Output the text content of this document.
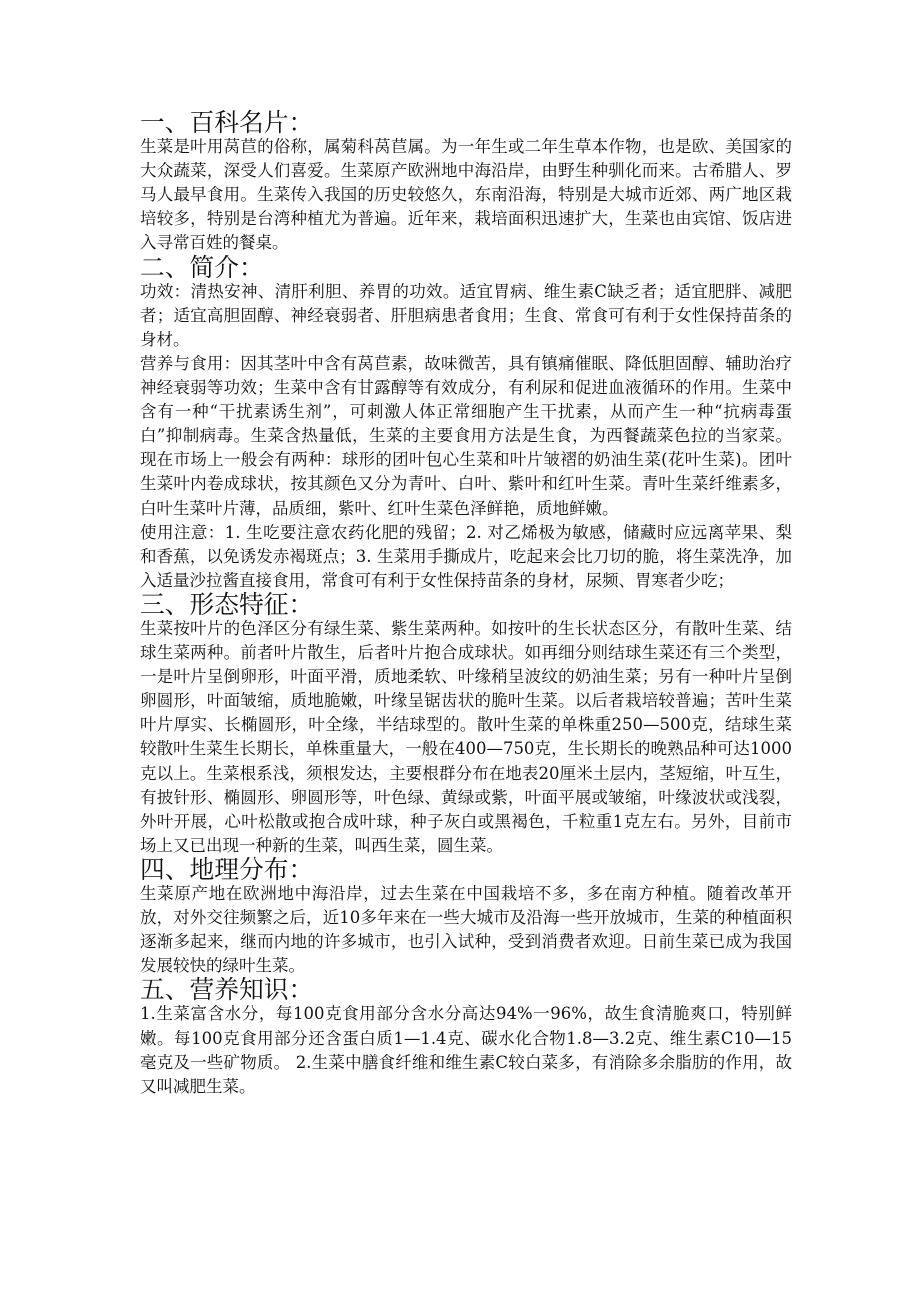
一、百科名片：

生菜是叶用莴苣的俗称，属菊科莴苣属。为一年生或二年生草本作物，也是欧、美国家的大众蔬菜，深受人们喜爱。生菜原产欧洲地中海沿岸，由野生种驯化而来。古希腊人、罗马人最早食用。生菜传入我国的历史较悠久，东南沿海，特别是大城市近郊、两广地区栽培较多，特别是台湾种植尤为普遍。近年来，栽培面积迅速扩大，生菜也由宾馆、饭店进入寻常百姓的餐桌。

二、简介：

功效：清热安神、清肝利胆、养胃的功效。适宜胃病、维生素C缺乏者；适宜肥胖、减肥者；适宜高胆固醇、神经衰弱者、肝胆病患者食用；生食、常食可有利于女性保持苗条的身材。

营养与食用：因其茎叶中含有莴苣素，故味微苦，具有镇痛催眠、降低胆固醇、辅助治疗神经衰弱等功效；生菜中含有甘露醇等有效成分，有利尿和促进血液循环的作用。生菜中含有一种“干扰素诱生剂”，可刺激人体正常细胞产生干扰素，从而产生一种“抗病毒蛋白”抑制病毒。生菜含热量低，生菜的主要食用方法是生食，为西餐蔬菜色拉的当家菜。 现在市场上一般会有两种：球形的团叶包心生菜和叶片皱褶的奶油生菜(花叶生菜)。团叶生菜叶内卷成球状，按其颜色又分为青叶、白叶、紫叶和红叶生菜。青叶生菜纤维素多，白叶生菜叶片薄，品质细，紫叶、红叶生菜色泽鲜艳，质地鲜嫩。

使用注意：1. 生吃要注意农药化肥的残留；2. 对乙烯极为敏感，储藏时应远离苹果、梨和香蕉，以免诱发赤褐斑点；3. 生菜用手撕成片，吃起来会比刀切的脆，将生菜洗净，加入适量沙拉酱直接食用，常食可有利于女性保持苗条的身材，尿频、胃寒者少吃；

三、形态特征：

生菜按叶片的色泽区分有绿生菜、紫生菜两种。如按叶的生长状态区分，有散叶生菜、结球生菜两种。前者叶片散生，后者叶片抱合成球状。如再细分则结球生菜还有三个类型，一是叶片呈倒卵形，叶面平滑，质地柔软、叶缘稍呈波纹的奶油生菜；另有一种叶片呈倒卵圆形，叶面皱缩，质地脆嫩，叶缘呈锯齿状的脆叶生菜。以后者栽培较普遍；苦叶生菜叶片厚实、长椭圆形，叶全缘，半结球型的。散叶生菜的单株重250—500克，结球生菜较散叶生菜生长期长，单株重量大，一般在400—750克，生长期长的晚熟品种可达1000克以上。生菜根系浅，须根发达，主要根群分布在地表20厘米土层内，茎短缩，叶互生，有披针形、椭圆形、卵圆形等，叶色绿、黄绿或紫，叶面平展或皱缩，叶缘波状或浅裂，外叶开展，心叶松散或抱合成叶球，种子灰白或黑褐色，千粒重1克左右。另外，目前市场上又已出现一种新的生菜，叫西生菜，圆生菜。

四、地理分布：

生菜原产地在欧洲地中海沿岸，过去生菜在中国栽培不多，多在南方种植。随着改革开放，对外交往频繁之后，近10多年来在一些大城市及沿海一些开放城市，生菜的种植面积逐渐多起来，继而内地的许多城市，也引入试种，受到消费者欢迎。日前生菜已成为我国发展较快的绿叶生菜。

五、营养知识：

1.生菜富含水分，每100克食用部分含水分高达94%一96%，故生食清脆爽口，特别鲜嫩。每100克食用部分还含蛋白质1—1.4克、碳水化合物1.8—3.2克、维生素C10—15毫克及一些矿物质。 2.生菜中膳食纤维和维生素C较白菜多，有消除多余脂肪的作用，故又叫减肥生菜。
